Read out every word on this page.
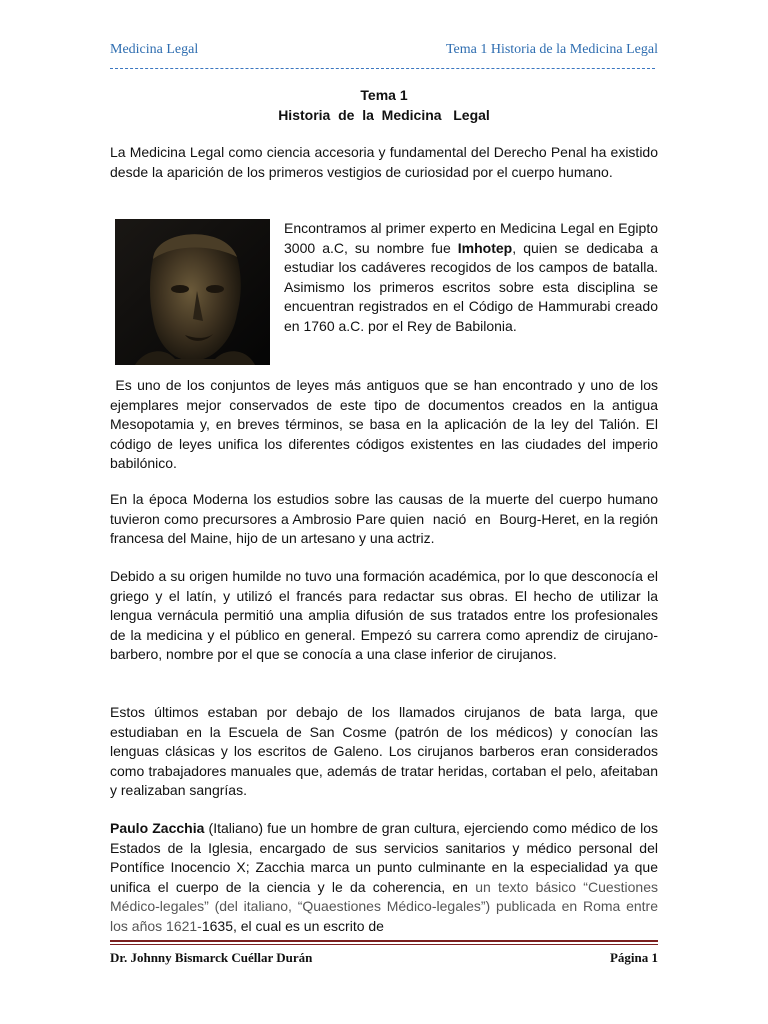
Medicina Legal	Tema 1 Historia de la Medicina Legal
Tema 1
Historia  de  la  Medicina   Legal

La Medicina Legal como ciencia accesoria y fundamental del Derecho Penal ha existido desde la aparición de los primeros vestigios de curiosidad por el cuerpo humano.

Encontramos al primer experto en Medicina Legal en Egipto 3000 a.C, su nombre fue Imhotep, quien se dedicaba a estudiar los cadáveres recogidos de los campos de batalla. Asimismo los primeros escritos sobre esta disciplina se encuentran registrados en el Código de Hammurabi creado en 1760 a.C. por el Rey de Babilonia.

Es uno de los conjuntos de leyes más antiguos que se han encontrado y uno de los ejemplares mejor conservados de este tipo de documentos creados en la antigua Mesopotamia y, en breves términos, se basa en la aplicación de la ley del Talión. El código de leyes unifica los diferentes códigos existentes en las ciudades del imperio babilónico.

En la época Moderna los estudios sobre las causas de la muerte del cuerpo humano tuvieron como precursores a Ambrosio Pare quien  nació  en  Bourg-Heret, en la región francesa del Maine, hijo de un artesano y una actriz.

Debido a su origen humilde no tuvo una formación académica, por lo que desconocía el griego y el latín, y utilizó el francés para redactar sus obras. El hecho de utilizar la lengua vernácula permitió una amplia difusión de sus tratados entre los profesionales de la medicina y el público en general. Empezó su carrera como aprendiz de cirujano-barbero, nombre por el que se conocía a una clase inferior de cirujanos.

Estos últimos estaban por debajo de los llamados cirujanos de bata larga, que estudiaban en la Escuela de San Cosme (patrón de los médicos) y conocían las lenguas clásicas y los escritos de Galeno. Los cirujanos barberos eran considerados como trabajadores manuales que, además de tratar heridas, cortaban el pelo, afeitaban y realizaban sangrías.

Paulo Zacchia (Italiano) fue un hombre de gran cultura, ejerciendo como médico de los Estados de la Iglesia, encargado de sus servicios sanitarios y médico personal del Pontífice Inocencio X; Zacchia marca un punto culminante en la especialidad ya que unifica el cuerpo de la ciencia y le da coherencia, en un texto básico “Cuestiones Médico-legales” (del italiano, “Quaestiones Médico-legales”) publicada en Roma entre los años 1621-1635, el cual es un escrito de

Dr. Johnny Bismarck Cuéllar Durán	Página 1
